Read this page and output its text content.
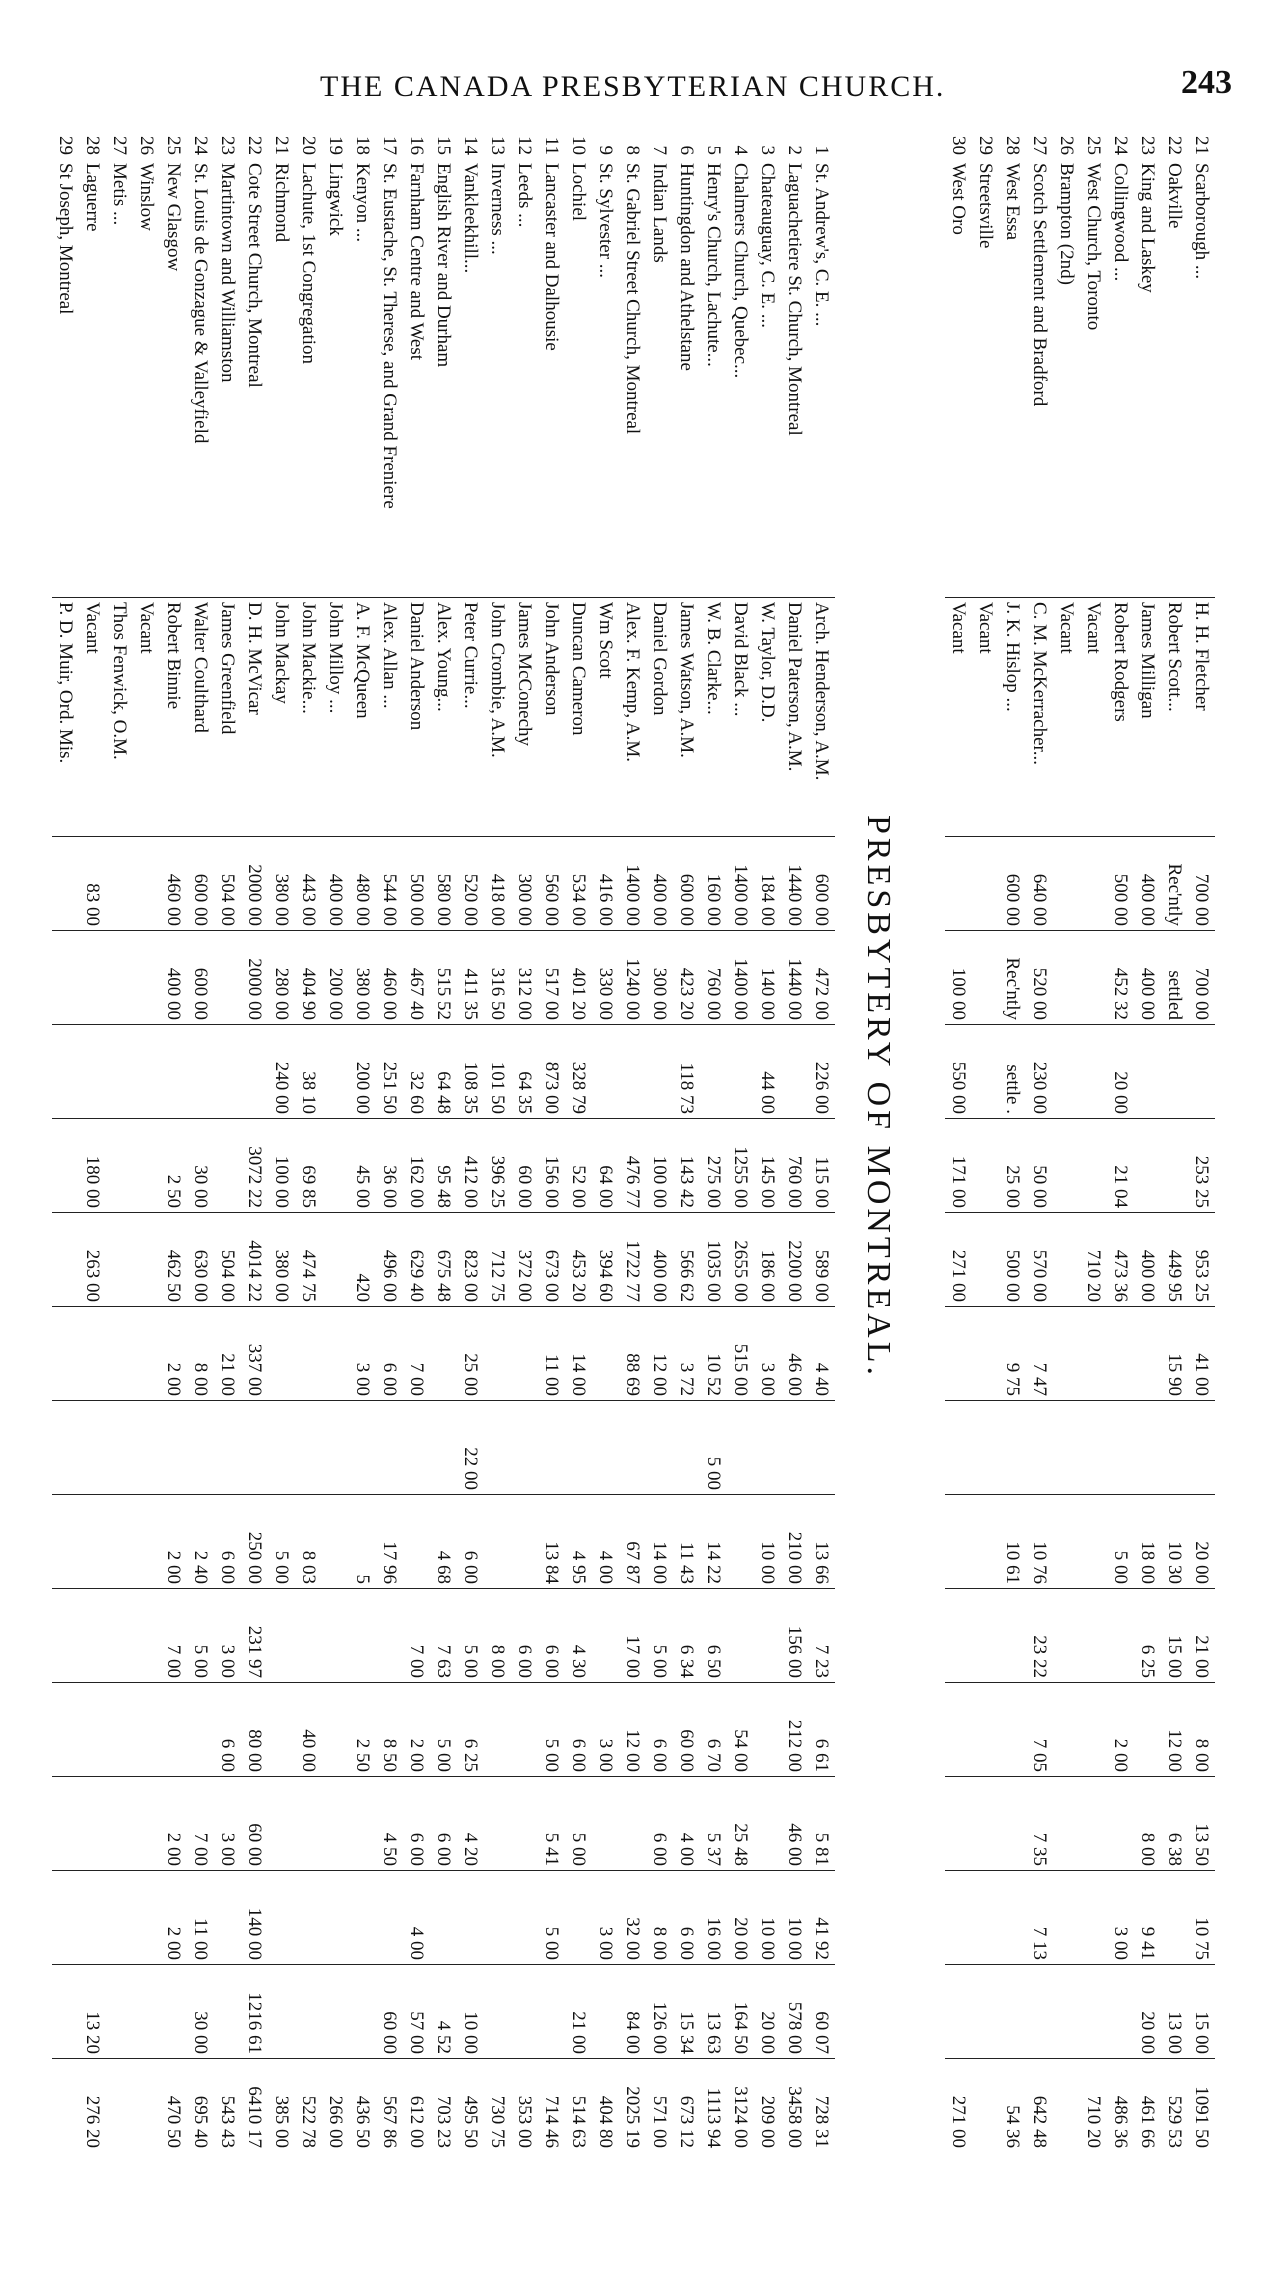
THE CANADA PRESBYTERIAN CHURCH.	243
21	Scarborough ...	H. H. Fletcher	700 00	700 00		253 25	953 25	41 00		20 00	21 00	8 00	13 50	10 75	15 00	1091 50
22	Oakville	Robert Scott...	Rec'ntly	settled			449 95	15 90		10 30	15 00	12 00	6 38		13 00	529 53
23	King and Laskey	James Milligan	400 00	400 00			400 00			18 00	6 25		8 00	9 41	20 00	461 66
24	Collingwood ...	Robert Rodgers	500 00	452 32	20 00	21 04	473 36			5 00		2 00		3 00		486 36
25	West Church, Toronto	Vacant					710 20									710 20
26	Brampton (2nd)	Vacant														
27	Scotch Settlement and Bradford	C. M. McKerracher...	640 00	520 00	230 00	50 00	570 00	7 47		10 76	23 22	7 05	7 35	7 13		642 48
28	West Essa	J. K. Hislop ...	600 00	Rec'ntly	settle .	25 00	500 00	9 75		10 61						54 36
29	Streetsville	Vacant														
30	West Oro	Vacant		100 00	550 00	171 00	271 00									271 00
PRESBYTERY OF MONTREAL.
1	St. Andrew's, C. E. ...	Arch. Henderson, A.M.	600 00	472 00	226 00	115 00	589 00	4 40		13 66	7 23	6 61	5 81	41 92	60 07	728 31
2	Laguachetiere St. Church, Montreal	Daniel Paterson, A.M.	1440 00	1440 00		760 00	2200 00	46 00		210 00	156 00	212 00	46 00	10 00	578 00	3458 00
3	Chateauguay, C. E. ...	W. Taylor, D.D.	184 00	140 00	44 00	145 00	186 00	3 00		10 00				10 00	20 00	209 00
4	Chalmers Church, Quebec...	David Black ...	1400 00	1400 00		1255 00	2655 00	515 00				54 00	25 48	20 00	164 50	3124 00
5	Henry's Church, Lachute...	W. B. Clarke...	160 00	760 00		275 00	1035 00	10 52	5 00	14 22	6 50	6 70	5 37	16 00	13 63	1113 94
6	Huntingdon and Athelstane	James Watson, A.M.	600 00	423 20	118 73	143 42	566 62	3 72		11 43	6 34	60 00	4 00	6 00	15 34	673 12
7	Indian Lands	Daniel Gordon	400 00	300 00		100 00	400 00	12 00		14 00	5 00	6 00	6 00	8 00	126 00	571 00
8	St. Gabriel Street Church, Montreal	Alex. F. Kemp, A.M.	1400 00	1240 00		476 77	1722 77	88 69		67 87	17 00	12 00		32 00	84 00	2025 19
9	St. Sylvester ...	Wm Scott	416 00	330 00		64 00	394 60			4 00		3 00		3 00		404 80
10	Lochiel	Duncan Cameron	534 00	401 20	328 79	52 00	453 20	14 00		4 95	4 30	6 00	5 00		21 00	514 63
11	Lancaster and Dalhousie	John Anderson	560 00	517 00	873 00	156 00	673 00	11 00		13 84	6 00	5 00	5 41	5 00		714 46
12	Leeds ...	James McConechy	300 00	312 00	64 35	60 00	372 00				6 00					353 00
13	Inverness ...	John Crombie, A.M.	418 00	316 50	101 50	396 25	712 75				8 00					730 75
14	Vankleekhill...	Peter Currie...	520 00	411 35	108 35	412 00	823 00	25 00	22 00	6 00	5 00	6 25	4 20		10 00	495 50
15	English River and Durham	Alex. Young...	580 00	515 52	64 48	95 48	675 48			4 68	7 63	5 00	6 00		4 52	703 23
16	Farnham Centre and West	Daniel Anderson	500 00	467 40	32 60	162 00	629 40	7 00			7 00	2 00	6 00	4 00	57 00	612 00
17	St. Eustache, St. Therese, and Grand Freniere	Alex. Allan ...	544 00	460 00	251 50	36 00	496 00	6 00		17 96		8 50	4 50		60 00	567 86
18	Kenyon ...	A. F. McQueen	480 00	380 00	200 00	45 00	420	3 00		5		2 50				436 50
19	Lingwick	John Milloy ...	400 00	200 00												266 00
20	Lachute, 1st Congregation	John Mackie...	443 00	404 90	38 10	69 85	474 75			8 03		40 00				522 78
21	Richmond	John Mackay	380 00	280 00	240 00	100 00	380 00			5 00						385 00
22	Cote Street Church, Montreal	D. H. McVicar	2000 00	2000 00		3072 22	4014 22	337 00		250 00	231 97	80 00	60 00	140 00	1216 61	6410 17
23	Martintown and Williamston	James Greenfield	504 00				504 00	21 00		6 00	3 00	6 00	3 00			543 43
24	St. Louis de Gonzague & Valleyfield	Walter Coulthard	600 00	600 00		30 00	630 00	8 00		2 40	5 00		7 00	11 00	30 00	695 40
25	New Glasgow	Robert Binnie	460 00	400 00		2 50	462 50	2 00		2 00	7 00		2 00	2 00		470 50
26	Winslow	Vacant														
27	Metis ...	Thos Fenwick, O.M.														
28	Laguerre	Vacant	83 00			180 00	263 00								13 20	276 20
29	St Joseph, Montreal	P. D. Muir, Ord. Mis.														
